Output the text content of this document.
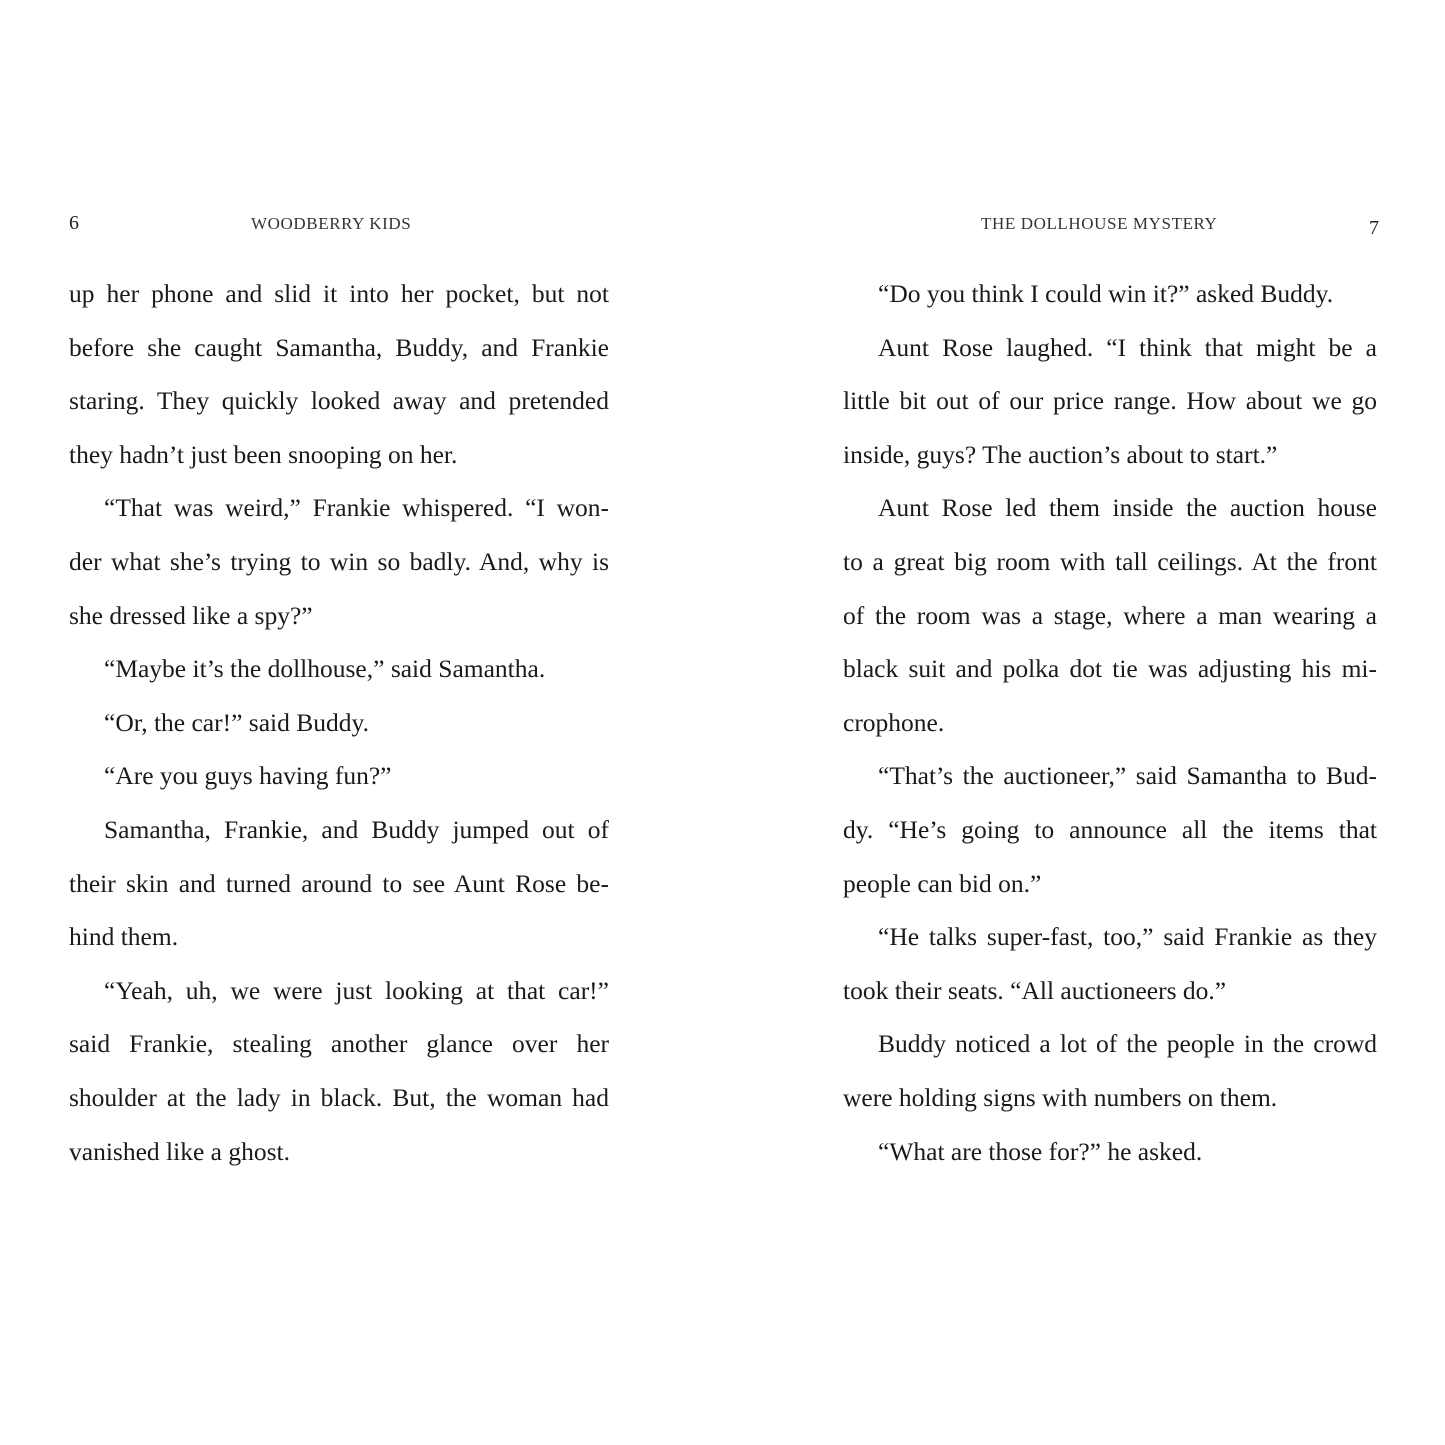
6	WOODBERRY KIDS
up her phone and slid it into her pocket, but not
before she caught Samantha, Buddy, and Frankie
staring. They quickly looked away and pretended
they hadn’t just been snooping on her.
“That was weird,” Frankie whispered. “I won-
der what she’s trying to win so badly. And, why is
she dressed like a spy?”
“Maybe it’s the dollhouse,” said Samantha.
“Or, the car!” said Buddy.
“Are you guys having fun?”
Samantha, Frankie, and Buddy jumped out of
their skin and turned around to see Aunt Rose be-
hind them.
“Yeah, uh, we were just looking at that car!”
said Frankie, stealing another glance over her
shoulder at the lady in black. But, the woman had
vanished like a ghost.
THE DOLLHOUSE MYSTERY	7
“Do you think I could win it?” asked Buddy.
Aunt Rose laughed. “I think that might be a
little bit out of our price range. How about we go
inside, guys? The auction’s about to start.”
Aunt Rose led them inside the auction house
to a great big room with tall ceilings. At the front
of the room was a stage, where a man wearing a
black suit and polka dot tie was adjusting his mi-
crophone.
“That’s the auctioneer,” said Samantha to Bud-
dy. “He’s going to announce all the items that
people can bid on.”
“He talks super-fast, too,” said Frankie as they
took their seats. “All auctioneers do.”
Buddy noticed a lot of the people in the crowd
were holding signs with numbers on them.
“What are those for?” he asked.
